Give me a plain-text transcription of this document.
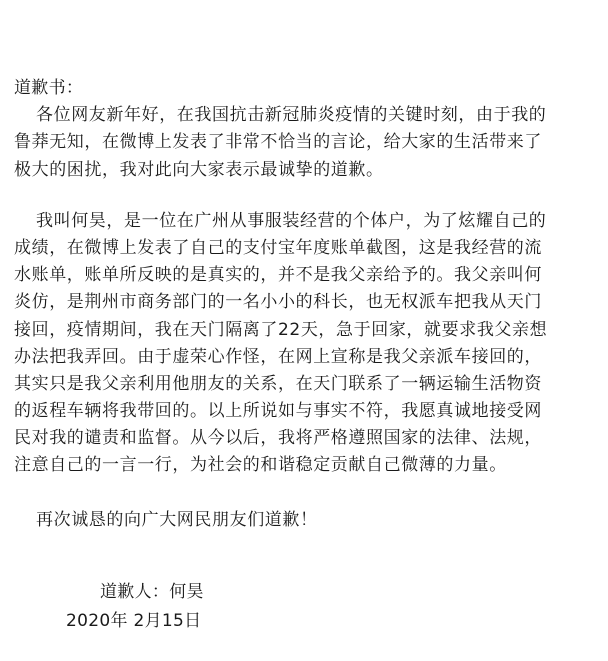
道歉书：
各位网友新年好，在我国抗击新冠肺炎疫情的关键时刻，由于我的
鲁莽无知，在微博上发表了非常不恰当的言论，给大家的生活带来了
极大的困扰，我对此向大家表示最诚挚的道歉。
我叫何昊，是一位在广州从事服装经营的个体户，为了炫耀自己的
成绩，在微博上发表了自己的支付宝年度账单截图，这是我经营的流
水账单，账单所反映的是真实的，并不是我父亲给予的。我父亲叫何
炎仿，是荆州市商务部门的一名小小的科长，也无权派车把我从天门
接回，疫情期间，我在天门隔离了22天，急于回家，就要求我父亲想
办法把我弄回。由于虚荣心作怪，在网上宣称是我父亲派车接回的，
其实只是我父亲利用他朋友的关系，在天门联系了一辆运输生活物资
的返程车辆将我带回的。以上所说如与事实不符，我愿真诚地接受网
民对我的谴责和监督。从今以后，我将严格遵照国家的法律、法规，
注意自己的一言一行，为社会的和谐稳定贡献自己微薄的力量。
再次诚恳的向广大网民朋友们道歉！
道歉人：何昊
2020年 2月15日
